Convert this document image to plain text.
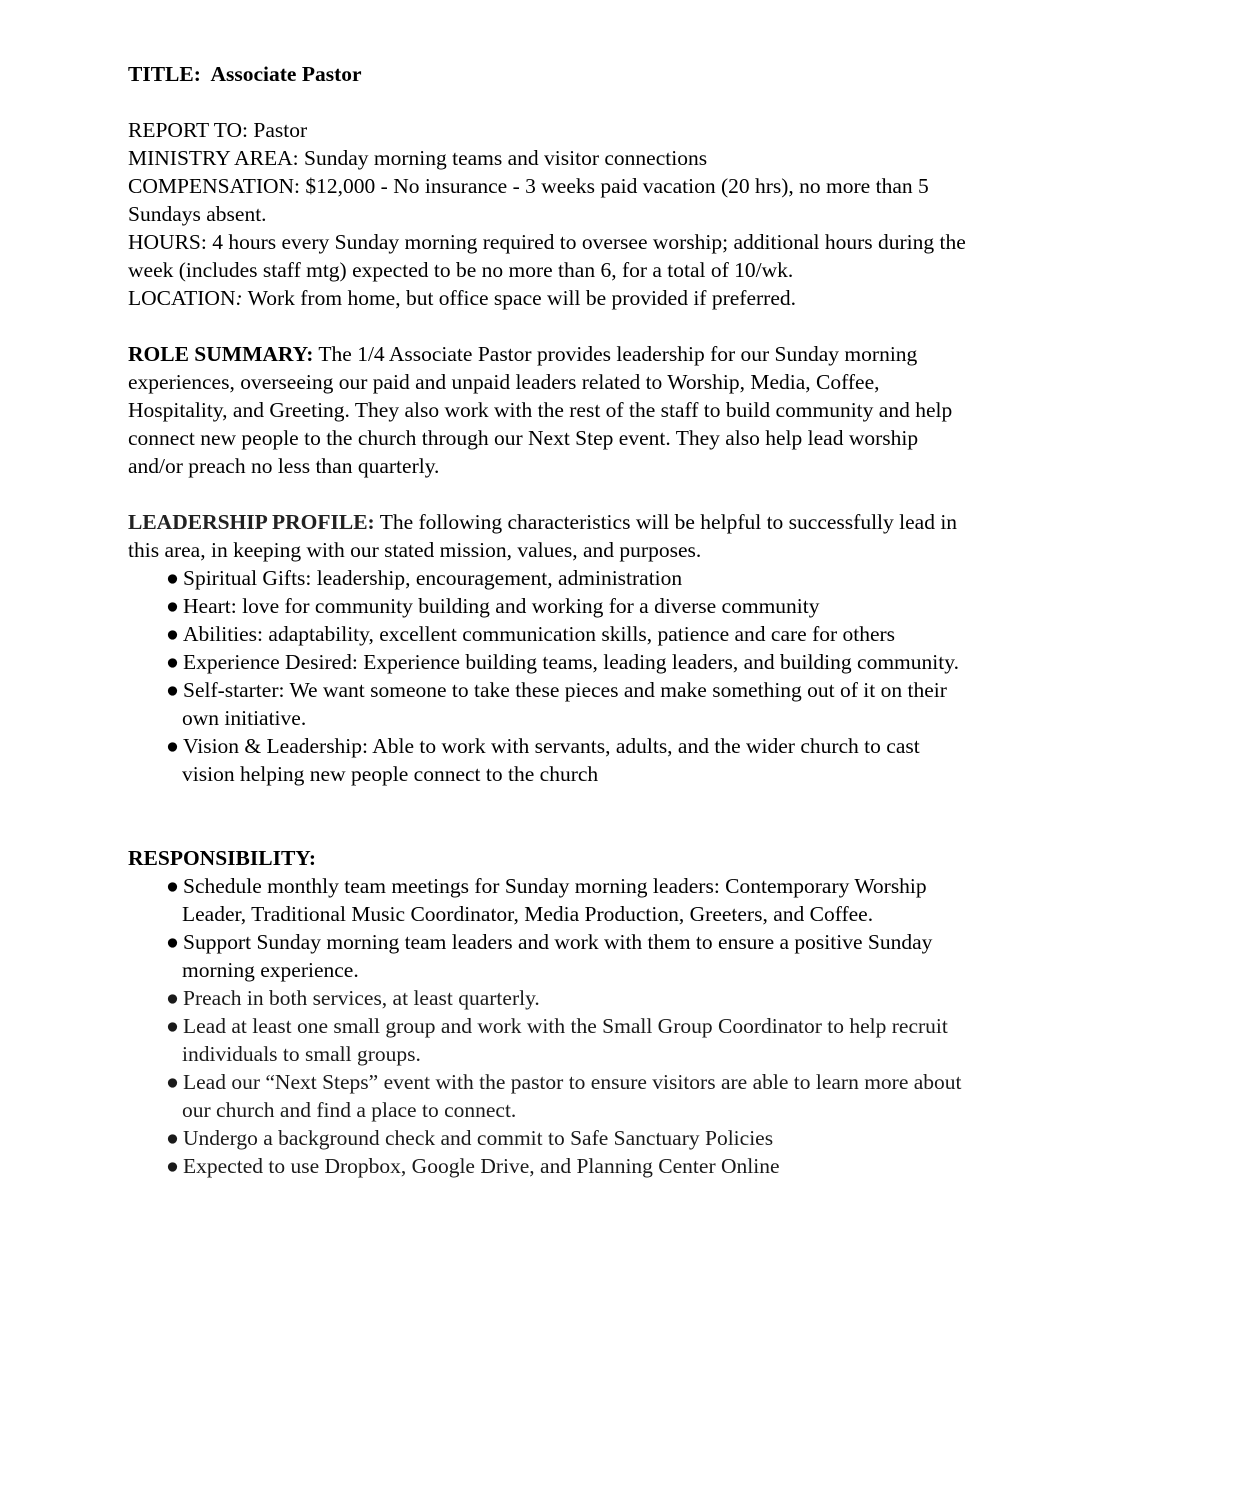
TITLE: Associate Pastor
REPORT TO: Pastor
MINISTRY AREA: Sunday morning teams and visitor connections
COMPENSATION: $12,000 - No insurance - 3 weeks paid vacation (20 hrs), no more than 5
Sundays absent.
HOURS: 4 hours every Sunday morning required to oversee worship; additional hours during the
week (includes staff mtg) expected to be no more than 6, for a total of 10/wk.
LOCATION: Work from home, but office space will be provided if preferred.
ROLE SUMMARY: The 1/4 Associate Pastor provides leadership for our Sunday morning
experiences, overseeing our paid and unpaid leaders related to Worship, Media, Coffee,
Hospitality, and Greeting. They also work with the rest of the staff to build community and help
connect new people to the church through our Next Step event. They also help lead worship
and/or preach no less than quarterly.
LEADERSHIP PROFILE: The following characteristics will be helpful to successfully lead in
this area, in keeping with our stated mission, values, and purposes.
● Spiritual Gifts: leadership, encouragement, administration
● Heart: love for community building and working for a diverse community
● Abilities: adaptability, excellent communication skills, patience and care for others
● Experience Desired: Experience building teams, leading leaders, and building community.
● Self-starter: We want someone to take these pieces and make something out of it on their
own initiative.
● Vision & Leadership: Able to work with servants, adults, and the wider church to cast
vision helping new people connect to the church
RESPONSIBILITY:
● Schedule monthly team meetings for Sunday morning leaders: Contemporary Worship
Leader, Traditional Music Coordinator, Media Production, Greeters, and Coffee.
● Support Sunday morning team leaders and work with them to ensure a positive Sunday
morning experience.
● Preach in both services, at least quarterly.
● Lead at least one small group and work with the Small Group Coordinator to help recruit
individuals to small groups.
● Lead our “Next Steps” event with the pastor to ensure visitors are able to learn more about
our church and find a place to connect.
● Undergo a background check and commit to Safe Sanctuary Policies
● Expected to use Dropbox, Google Drive, and Planning Center Online
